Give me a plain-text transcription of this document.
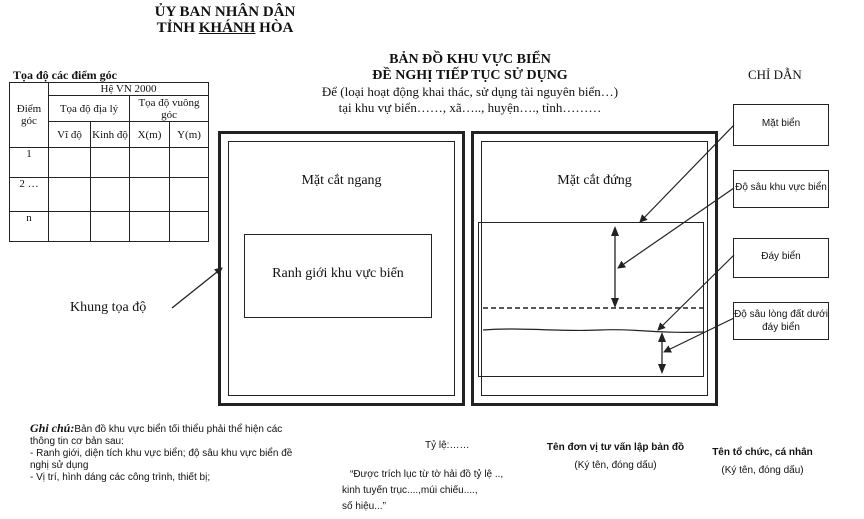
ỦY BAN NHÂN DÂN
TỈNH KHÁNH HÒA
BẢN ĐỒ KHU VỰC BIỂN
ĐỀ NGHỊ TIẾP TỤC SỬ DỤNG
Để (loại hoạt động khai thác, sử dụng tài nguyên biển…)
tại khu vự biển……, xã….., huyện…., tỉnh………
Tọa độ các điểm góc
Điểm góc	Hệ VN 2000			
	Tọa độ địa lý		Tọa độ vuông góc	
	Vĩ độ	Kinh độ	X(m)	Y(m)
1				
2 …				
n				
Mặt cắt ngang
Ranh giới khu vực biển
Mặt cắt đứng
CHỈ DẪN
Mặt biển
Độ sâu khu vực biển
Đáy biển
Độ sâu lòng đất dưới
đáy biển
Khung tọa độ
Ghi chú:Bản đồ khu vực biển tối thiểu phải thể hiện các thông tin cơ bản sau:
- Ranh giới, diện tích khu vực biển; độ sâu khu vực biển đề nghị sử dụng
- Vị trí, hình dáng các công trình, thiết bị;
Tỷ lệ:……
“Được trích lục từ tờ hải đồ tỷ lệ ..,
kinh tuyến trục....,múi chiếu....,
số hiệu...”
Tên đơn vị tư vấn lập bản đồ
(Ký tên, đóng dấu)
Tên tổ chức, cá nhân
(Ký tên, đóng dấu)
